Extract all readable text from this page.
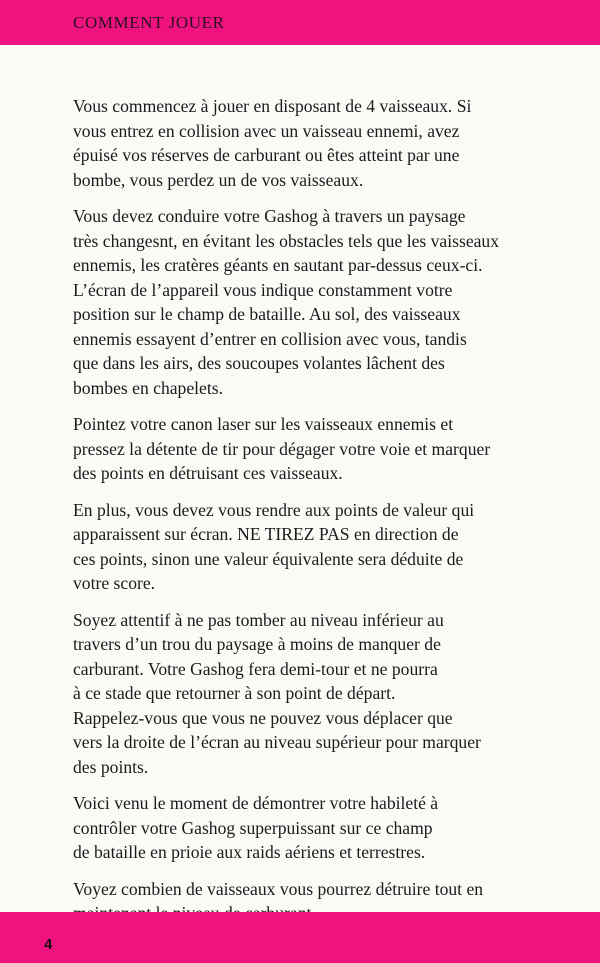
COMMENT JOUER

Vous commencez à jouer en disposant de 4 vaisseaux. Si
vous entrez en collision avec un vaisseau ennemi, avez
épuisé vos réserves de carburant ou êtes atteint par une
bombe, vous perdez un de vos vaisseaux.

Vous devez conduire votre Gashog à travers un paysage
très changesnt, en évitant les obstacles tels que les vaisseaux
ennemis, les cratères géants en sautant par-dessus ceux-ci.
L’écran de l’appareil vous indique constamment votre
position sur le champ de bataille. Au sol, des vaisseaux
ennemis essayent d’entrer en collision avec vous, tandis
que dans les airs, des soucoupes volantes lâchent des
bombes en chapelets.

Pointez votre canon laser sur les vaisseaux ennemis et
pressez la détente de tir pour dégager votre voie et marquer
des points en détruisant ces vaisseaux.

En plus, vous devez vous rendre aux points de valeur qui
apparaissent sur écran. NE TIREZ PAS en direction de
ces points, sinon une valeur équivalente sera déduite de
votre score.

Soyez attentif à ne pas tomber au niveau inférieur au
travers d’un trou du paysage à moins de manquer de
carburant. Votre Gashog fera demi-tour et ne pourra
à ce stade que retourner à son point de départ.
Rappelez-vous que vous ne pouvez vous déplacer que
vers la droite de l’écran au niveau supérieur pour marquer
des points.

Voici venu le moment de démontrer votre habileté à
contrôler votre Gashog superpuissant sur ce champ
de bataille en prioie aux raids aériens et terrestres.

Voyez combien de vaisseaux vous pourrez détruire tout en

4
